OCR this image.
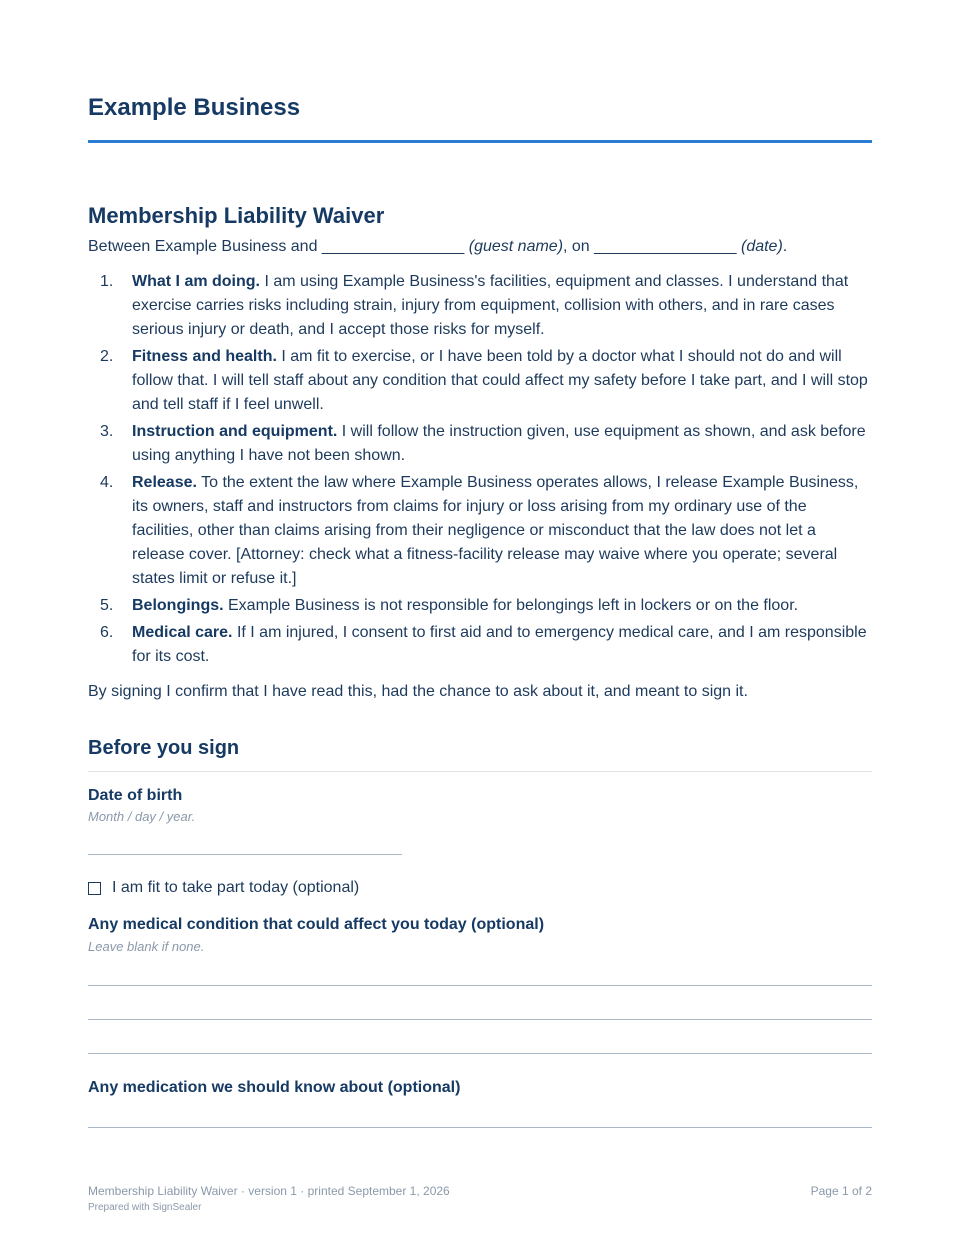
Example Business
Membership Liability Waiver
Between Example Business and ________________ (guest name), on ________________ (date).
1. What I am doing. I am using Example Business's facilities, equipment and classes. I understand that exercise carries risks including strain, injury from equipment, collision with others, and in rare cases serious injury or death, and I accept those risks for myself.
2. Fitness and health. I am fit to exercise, or I have been told by a doctor what I should not do and will follow that. I will tell staff about any condition that could affect my safety before I take part, and I will stop and tell staff if I feel unwell.
3. Instruction and equipment. I will follow the instruction given, use equipment as shown, and ask before using anything I have not been shown.
4. Release. To the extent the law where Example Business operates allows, I release Example Business, its owners, staff and instructors from claims for injury or loss arising from my ordinary use of the facilities, other than claims arising from their negligence or misconduct that the law does not let a release cover. [Attorney: check what a fitness-facility release may waive where you operate; several states limit or refuse it.]
5. Belongings. Example Business is not responsible for belongings left in lockers or on the floor.
6. Medical care. If I am injured, I consent to first aid and to emergency medical care, and I am responsible for its cost.
By signing I confirm that I have read this, had the chance to ask about it, and meant to sign it.
Before you sign
Date of birth
Month / day / year.
I am fit to take part today (optional)
Any medical condition that could affect you today (optional)
Leave blank if none.
Any medication we should know about (optional)
Membership Liability Waiver · version 1 · printed September 1, 2026
Prepared with SignSealer
Page 1 of 2
